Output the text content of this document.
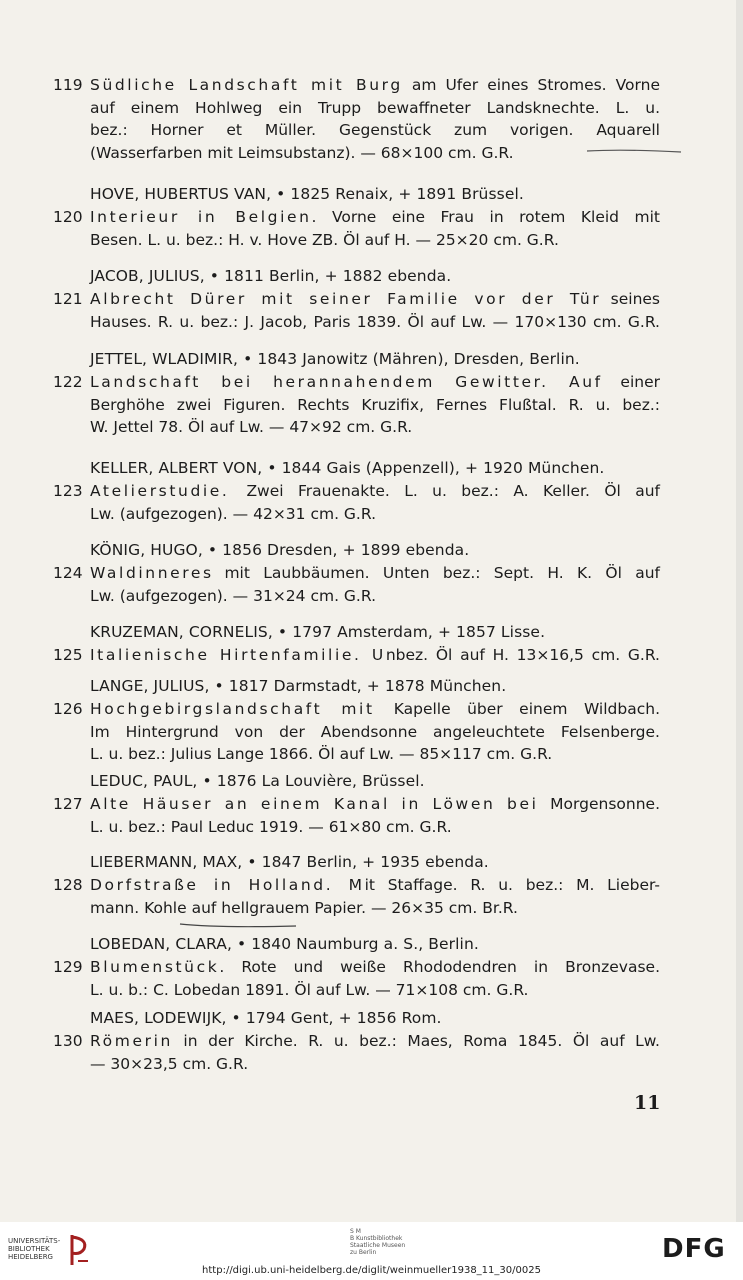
119 Südliche Landschaft mit Burg am Ufer eines Stromes. Vorne
auf einem Hohlweg ein Trupp bewaffneter Landsknechte. L. u.
bez.: Horner et Müller. Gegenstück zum vorigen. Aquarell
(Wasserfarben mit Leimsubstanz). — 68×100 cm. G.R.
HOVE, HUBERTUS VAN, • 1825 Renaix, + 1891 Brüssel.
120 Interieur in Belgien. Vorne eine Frau in rotem Kleid mit
Besen. L. u. bez.: H. v. Hove ZB. Öl auf H. — 25×20 cm. G.R.
JACOB, JULIUS, • 1811 Berlin, + 1882 ebenda.
121 Albrecht Dürer mit seiner Familie vor der Tür seines
Hauses. R. u. bez.: J. Jacob, Paris 1839. Öl auf Lw. — 170×130 cm. G.R.
JETTEL, WLADIMIR, • 1843 Janowitz (Mähren), Dresden, Berlin.
122 Landschaft bei herannahendem Gewitter. Auf einer
Berghöhe zwei Figuren. Rechts Kruzifix, Fernes Flußtal. R. u. bez.:
W. Jettel 78. Öl auf Lw. — 47×92 cm. G.R.
KELLER, ALBERT VON, • 1844 Gais (Appenzell), + 1920 München.
123 Atelierstudie. Zwei Frauenakte. L. u. bez.: A. Keller. Öl auf
Lw. (aufgezogen). — 42×31 cm. G.R.
KÖNIG, HUGO, • 1856 Dresden, + 1899 ebenda.
124 Waldinneres mit Laubbäumen. Unten bez.: Sept. H. K. Öl auf
Lw. (aufgezogen). — 31×24 cm. G.R.
KRUZEMAN, CORNELIS, • 1797 Amsterdam, + 1857 Lisse.
125 Italienische Hirtenfamilie. Unbez. Öl auf H. 13×16,5 cm. G.R.
LANGE, JULIUS, • 1817 Darmstadt, + 1878 München.
126 Hochgebirgslandschaft mit Kapelle über einem Wildbach.
Im Hintergrund von der Abendsonne angeleuchtete Felsenberge.
L. u. bez.: Julius Lange 1866. Öl auf Lw. — 85×117 cm. G.R.
LEDUC, PAUL, • 1876 La Louvière, Brüssel.
127 Alte Häuser an einem Kanal in Löwen bei Morgensonne.
L. u. bez.: Paul Leduc 1919. — 61×80 cm. G.R.
LIEBERMANN, MAX, • 1847 Berlin, + 1935 ebenda.
128 Dorfstraße in Holland. Mit Staffage. R. u. bez.: M. Lieber-
mann. Kohle auf hellgrauem Papier. — 26×35 cm. Br.R.
LOBEDAN, CLARA, • 1840 Naumburg a. S., Berlin.
129 Blumenstück. Rote und weiße Rhododendren in Bronzevase.
L. u. b.: C. Lobedan 1891. Öl auf Lw. — 71×108 cm. G.R.
MAES, LODEWIJK, • 1794 Gent, + 1856 Rom.
130 Römerin in der Kirche. R. u. bez.: Maes, Roma 1845. Öl auf Lw.
— 30×23,5 cm. G.R.
11
UNIVERSITÄTS-
BIBLIOTHEK
HEIDELBERG
S M
B Kunstbibliothek
Staatliche Museen
zu Berlin	DFG
http://digi.ub.uni-heidelberg.de/diglit/weinmueller1938_11_30/0025
